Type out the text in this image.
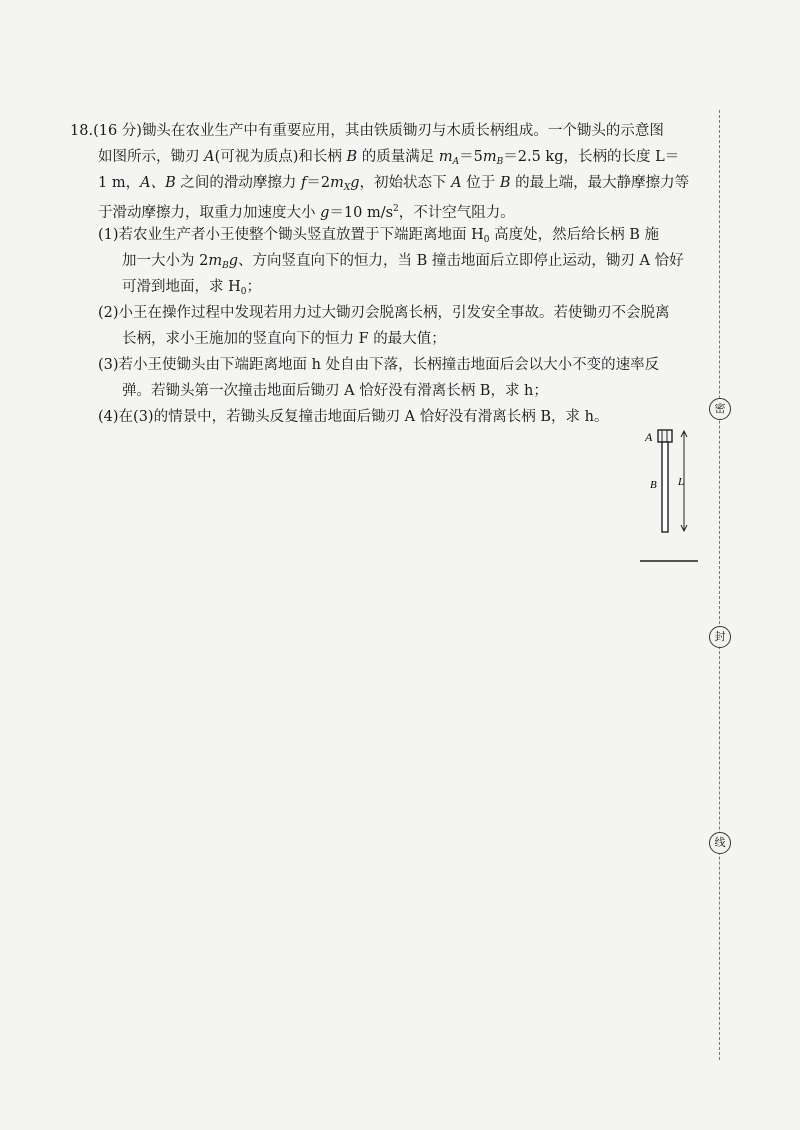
18.(16 分)锄头在农业生产中有重要应用，其由铁质锄刃与木质长柄组成。一个锄头的示意图
如图所示，锄刃 A(可视为质点)和长柄 B 的质量满足 $m_A=5m_B=2.5$ kg，长柄的长度 L＝
1 m，A、B 之间的滑动摩擦力 $f=2m_Xg$，初始状态下 A 位于 B 的最上端，最大静摩擦力等
于滑动摩擦力，取重力加速度大小 g＝10 $m/s^2$，不计空气阻力。
(1)若农业生产者小王使整个锄头竖直放置于下端距离地面 $H_0$ 高度处，然后给长柄 B 施
加一大小为 $2m_Bg$、方向竖直向下的恒力，当 B 撞击地面后立即停止运动，锄刃 A 恰好
可滑到地面，求 $H_0$；
(2)小王在操作过程中发现若用力过大锄刃会脱离长柄，引发安全事故。若使锄刃不会脱离
长柄，求小王施加的竖直向下的恒力 F 的最大值；
(3)若小王使锄头由下端距离地面 h 处自由下落，长柄撞击地面后会以大小不变的速率反
弹。若锄头第一次撞击地面后锄刃 A 恰好没有滑离长柄 B，求 h；
(4)在(3)的情景中，若锄头反复撞击地面后锄刃 A 恰好没有滑离长柄 B，求 h。
A
B L
密
封
线
